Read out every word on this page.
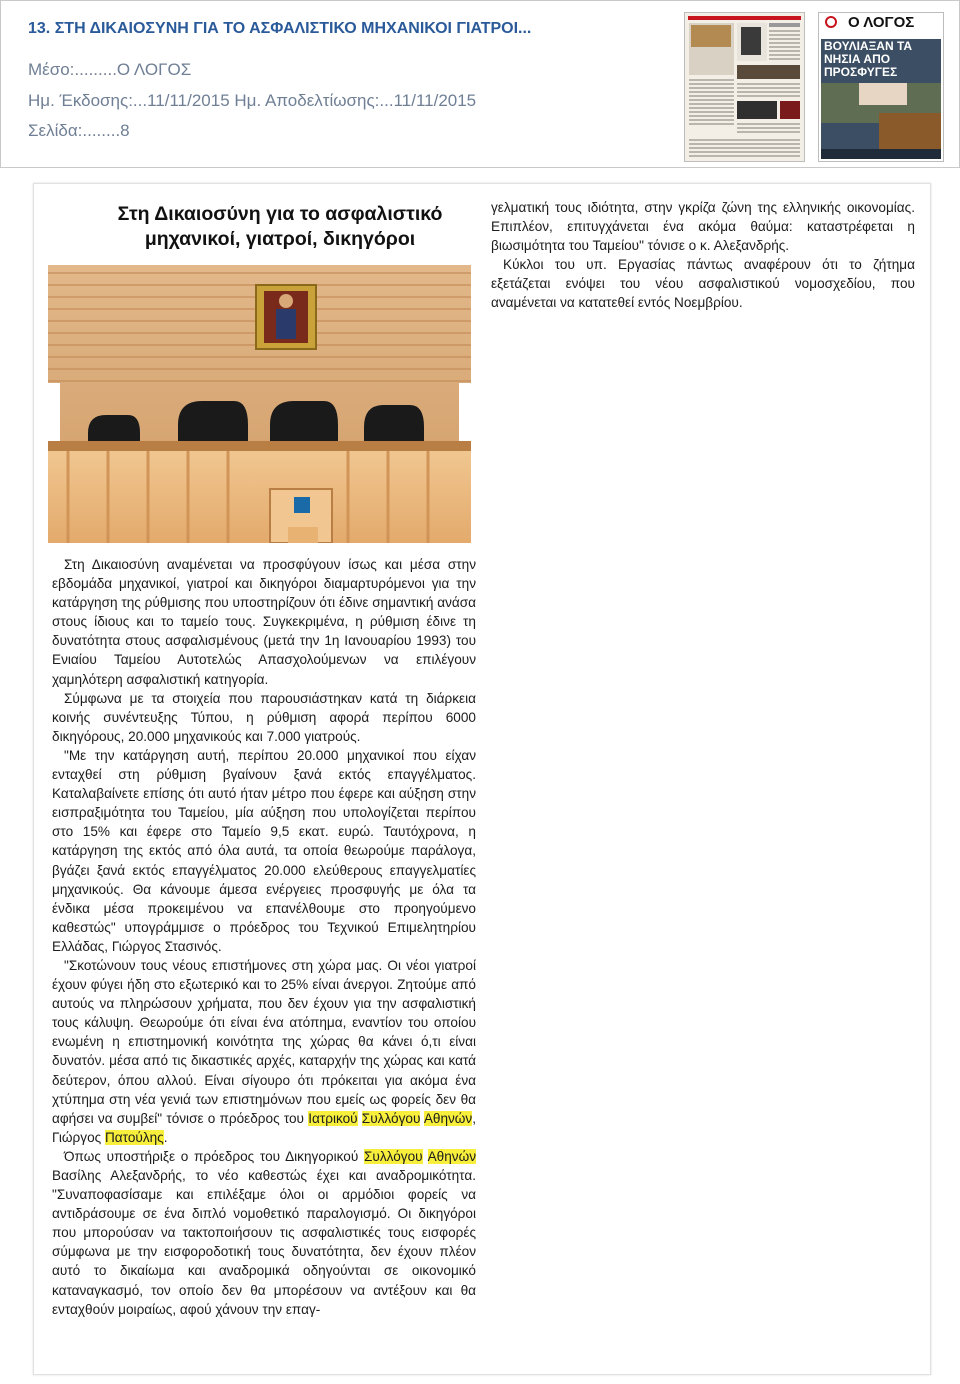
13. ΣΤΗ ΔΙΚΑΙΟΣΥΝΗ ΓΙΑ ΤΟ ΑΣΦΑΛΙΣΤΙΚΟ ΜΗΧΑΝΙΚΟΙ ΓΙΑΤΡΟΙ...
Μέσο:.........Ο ΛΟΓΟΣ
Ημ. Έκδοσης:...11/11/2015 Ημ. Αποδελτίωσης:...11/11/2015
Σελίδα:........8
Ο ΛΟΓΟΣ
ΒΟΥΛΙΑΞΑΝ ΤΑ ΝΗΣΙΑ ΑΠΟ ΠΡΟΣΦΥΓΕΣ
Στη Δικαιοσύνη για το ασφαλιστικό
μηχανικοί, γιατροί, δικηγόροι

Στη Δικαιοσύνη αναμένεται να προσφύγουν ίσως και μέσα στην εβδομάδα μηχανικοί, γιατροί και δικηγόροι διαμαρτυρόμενοι για την κατάργηση της ρύθμισης που υποστηρίζουν ότι έδινε σημαντική ανάσα στους ίδιους και το ταμείο τους. Συγκεκριμένα, η ρύθμιση έδινε τη δυνατότητα στους ασφαλισμένους (μετά την 1η Ιανουαρίου 1993) του Ενιαίου Ταμείου Αυτοτελώς Απασχολούμενων να επιλέγουν χαμηλότερη ασφαλιστική κατηγορία.

Σύμφωνα με τα στοιχεία που παρουσιάστηκαν κατά τη διάρκεια κοινής συνέντευξης Τύπου, η ρύθμιση αφορά περίπου 6000 δικηγόρους, 20.000 μηχανικούς και 7.000 γιατρούς.

"Με την κατάργηση αυτή, περίπου 20.000 μηχανικοί που είχαν ενταχθεί στη ρύθμιση βγαίνουν ξανά εκτός επαγγέλματος. Καταλαβαίνετε επίσης ότι αυτό ήταν μέτρο που έφερε και αύξηση στην εισπραξιμότητα του Ταμείου, μία αύξηση που υπολογίζεται περίπου στο 15% και έφερε στο Ταμείο 9,5 εκατ. ευρώ. Ταυτόχρονα, η κατάργηση της εκτός από όλα αυτά, τα οποία θεωρούμε παράλογα, βγάζει ξανά εκτός επαγγέλματος 20.000 ελεύθερους επαγγελματίες μηχανικούς. Θα κάνουμε άμεσα ενέργειες προσφυγής με όλα τα ένδικα μέσα προκειμένου να επανέλθουμε στο προηγούμενο καθεστώς" υπογράμμισε ο πρόεδρος του Τεχνικού Επιμελητηρίου Ελλάδας, Γιώργος Στασινός.

"Σκοτώνουν τους νέους επιστήμονες στη χώρα μας. Οι νέοι γιατροί έχουν φύγει ήδη στο εξωτερικό και το 25% είναι άνεργοι. Ζητούμε από αυτούς να πληρώσουν χρήματα, που δεν έχουν για την ασφαλιστική τους κάλυψη. Θεωρούμε ότι είναι ένα ατόπημα, εναντίον του οποίου ενωμένη η επιστημονική κοινότητα της χώρας θα κάνει ό,τι είναι δυνατόν. μέσα από τις δικαστικές αρχές, καταρχήν της χώρας και κατά δεύτερον, όπου αλλού. Είναι σίγουρο ότι πρόκειται για ακόμα ένα χτύπημα στη νέα γενιά των επιστημόνων που εμείς ως φορείς δεν θα αφήσει να συμβεί" τόνισε ο πρόεδρος του Ιατρικού Συλλόγου Αθηνών, Γιώργος Πατούλης.

Όπως υποστήριξε ο πρόεδρος του Δικηγορικού Συλλόγου Αθηνών Βασίλης Αλεξανδρής, το νέο καθεστώς έχει και αναδρομικότητα. "Συναποφασίσαμε και επιλέξαμε όλοι οι αρμόδιοι φορείς να αντιδράσουμε σε ένα διπλό νομοθετικό παραλογισμό. Οι δικηγόροι που μπορούσαν να τακτοποιήσουν τις ασφαλιστικές τους εισφορές σύμφωνα με την εισφοροδοτική τους δυνατότητα, δεν έχουν πλέον αυτό το δικαίωμα και αναδρομικά οδηγούνται σε οικονομικό καταναγκασμό, τον οποίο δεν θα μπορέσουν να αντέξουν και θα ενταχθούν μοιραίως, αφού χάνουν την επαγ-

γελματική τους ιδιότητα, στην γκρίζα ζώνη της ελληνικής οικονομίας. Επιπλέον, επιτυγχάνεται ένα ακόμα θαύμα: καταστρέφεται η βιωσιμότητα του Ταμείου" τόνισε ο κ. Αλεξανδρής.

Κύκλοι του υπ. Εργασίας πάντως αναφέρουν ότι το ζήτημα εξετάζεται ενόψει του νέου ασφαλιστικού νομοσχεδίου, που αναμένεται να κατατεθεί εντός Νοεμβρίου.
